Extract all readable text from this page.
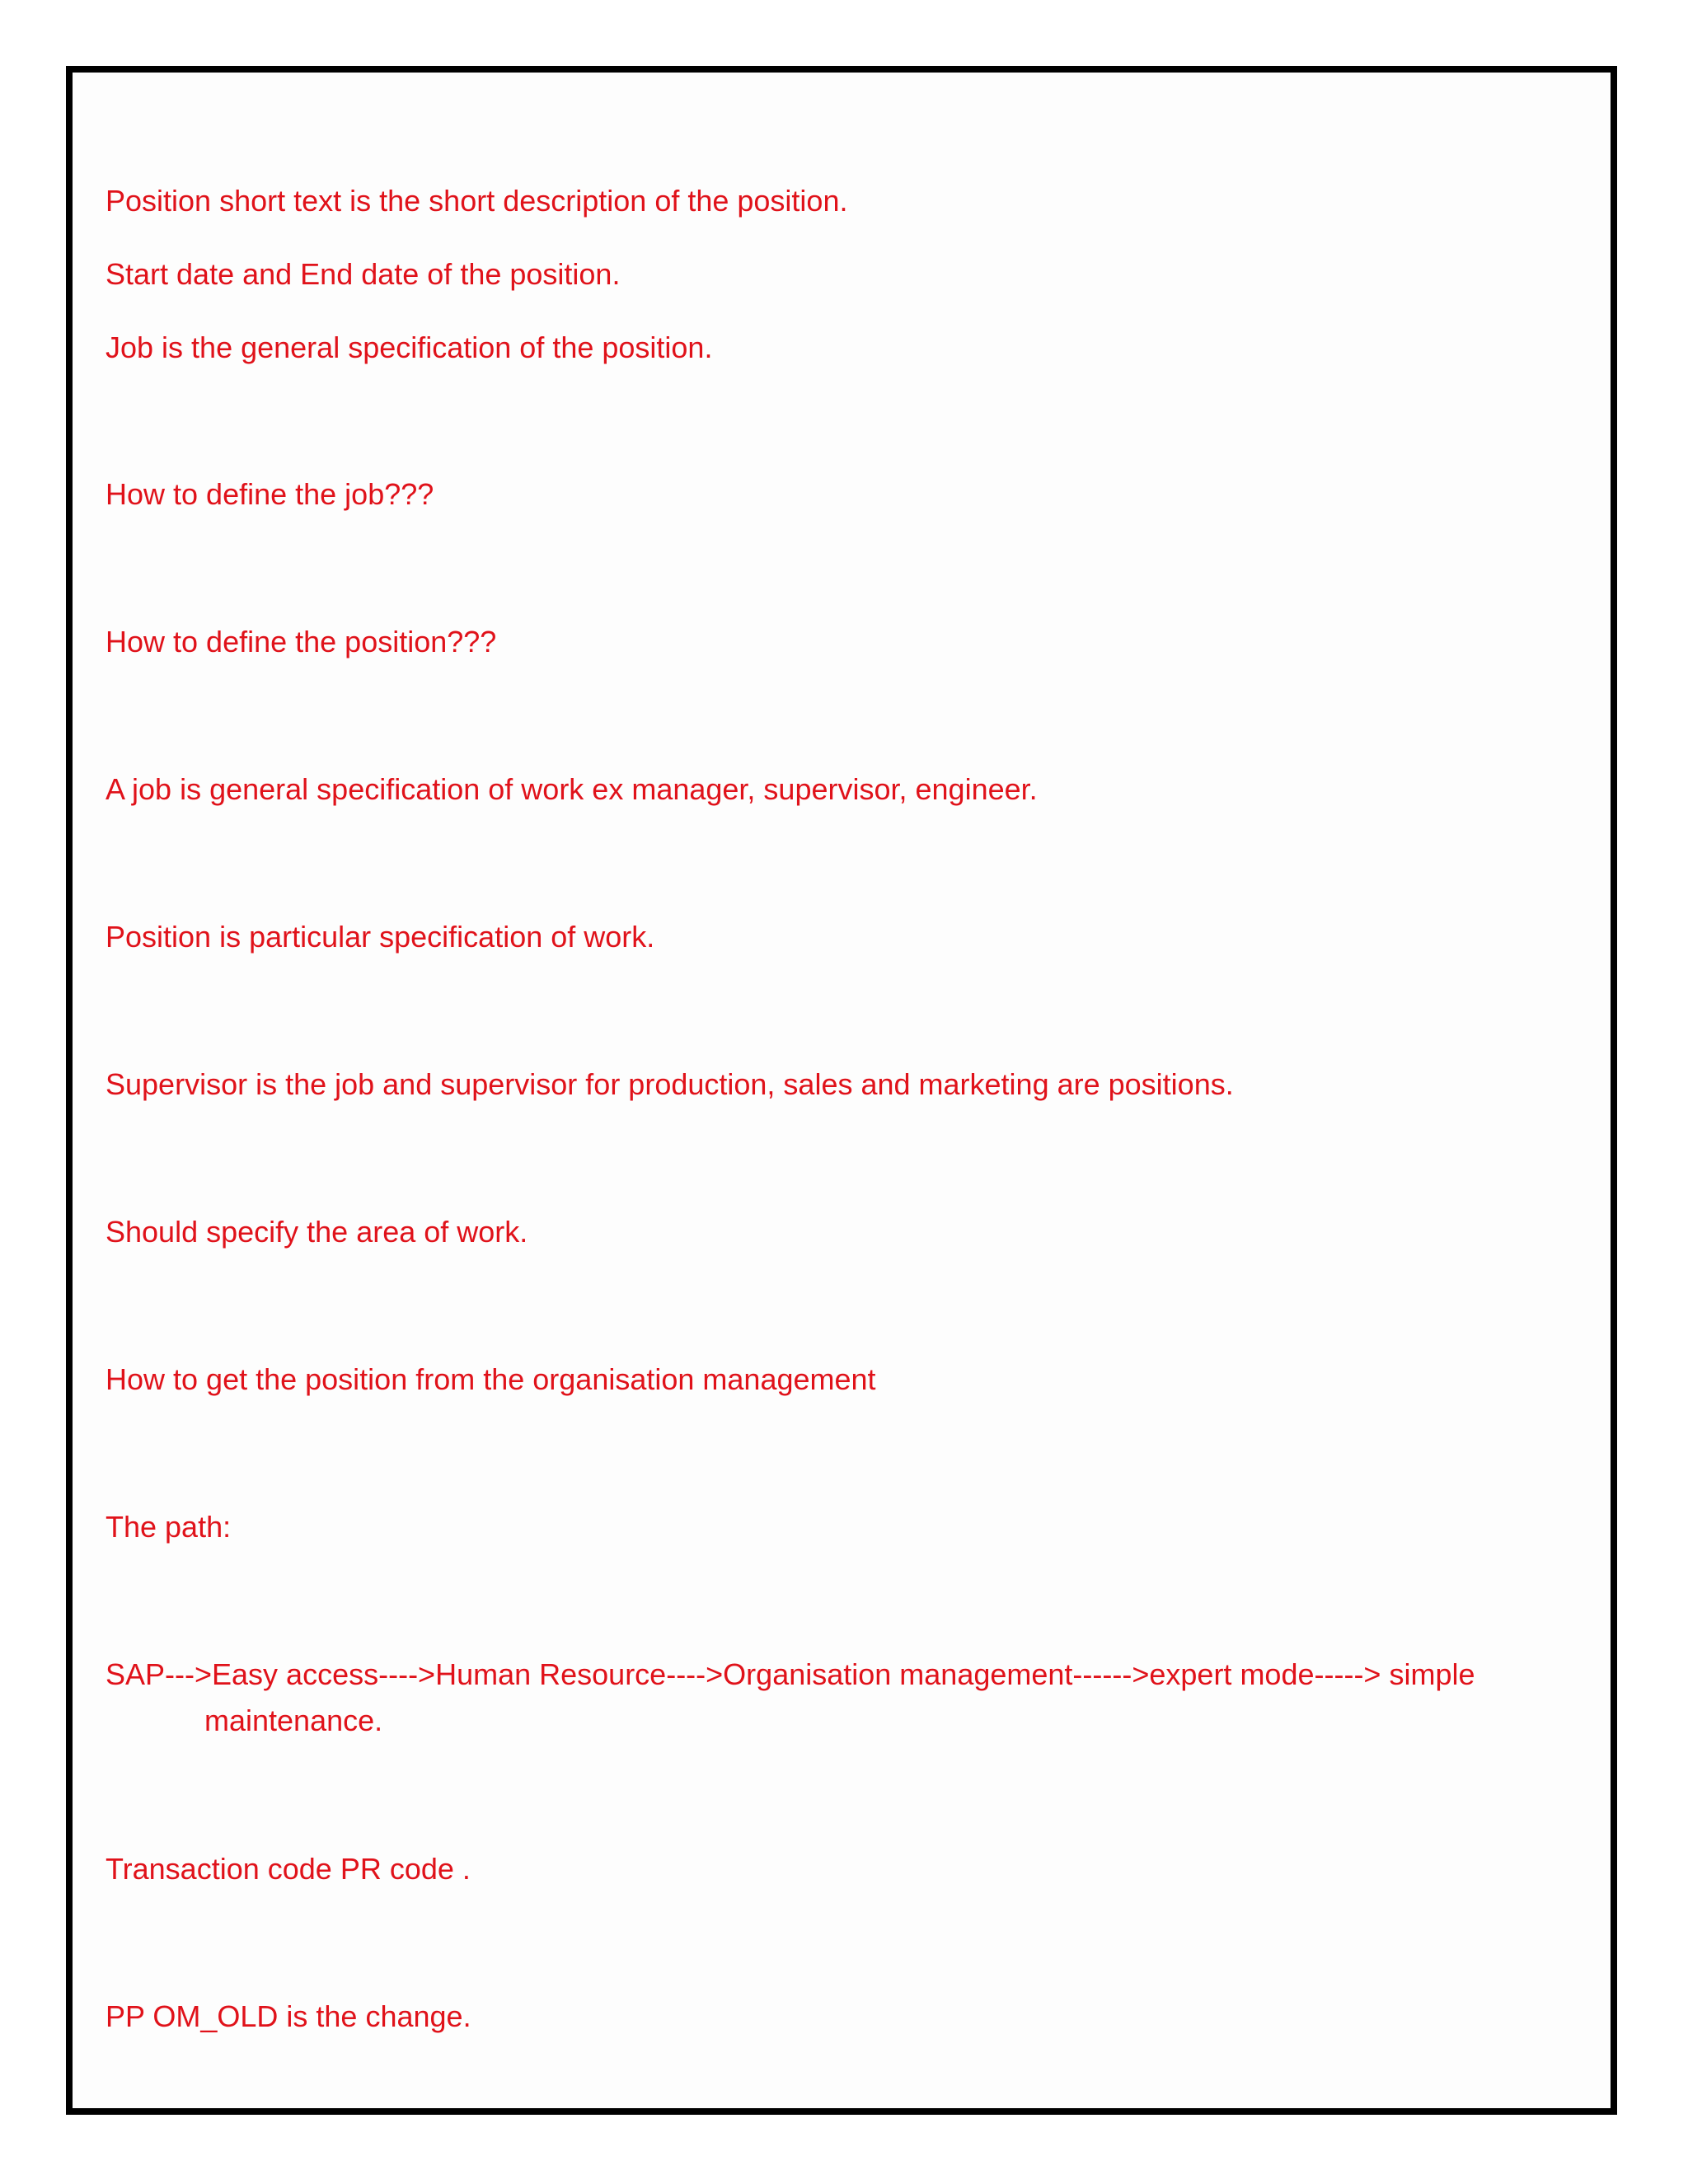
Position short text is the short description of the position.

Start date and End date of the position.

Job is the general specification of the position.

How to define the job???

How to define the position???

A job is general specification of work ex manager, supervisor, engineer.

Position is particular specification of work.

Supervisor is the job and supervisor for production, sales and marketing are positions.

Should specify the area of work.

How to get the position from the organisation management

The path:

SAP--->Easy access---->Human Resource---->Organisation management------>expert mode-----> simple
maintenance.

Transaction code PR code .

PP OM_OLD is the change.
